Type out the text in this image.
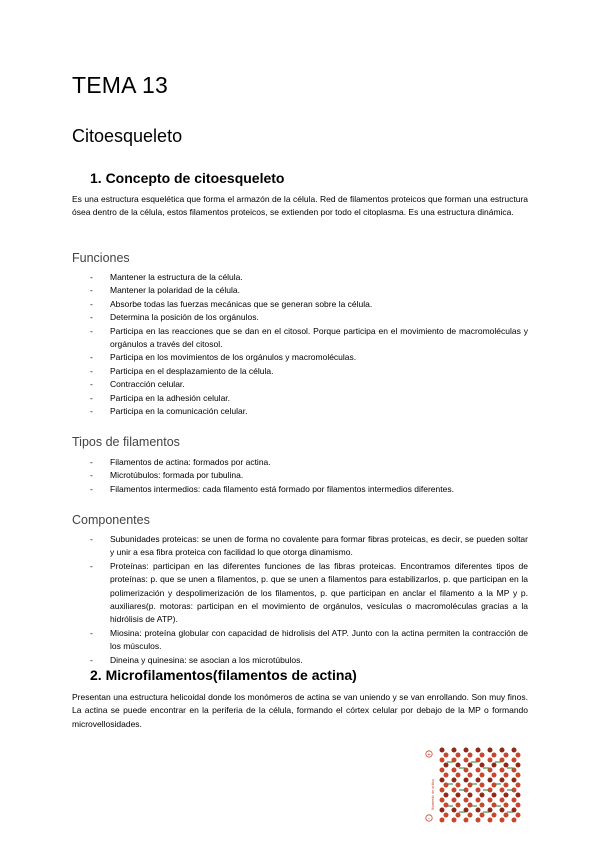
TEMA 13
Citoesqueleto
1. Concepto de citoesqueleto

Es una estructura esquelética que forma el armazón de la célula. Red de filamentos proteicos que forman una estructura ósea dentro de la célula, estos filamentos proteicos, se extienden por todo el citoplasma. Es una estructura dinámica.

Funciones
- Mantener la estructura de la célula.
- Mantener la polaridad de la célula.
- Absorbe todas las fuerzas mecánicas que se generan sobre la célula.
- Determina la posición de los orgánulos.
- Participa en las reacciones que se dan en el citosol. Porque participa en el movimiento de macromoléculas y orgánulos a través del citosol.
- Participa en los movimientos de los orgánulos y macromoléculas.
- Participa en el desplazamiento de la célula.
- Contracción celular.
- Participa en la adhesión celular.
- Participa en la comunicación celular.
Tipos de filamentos
- Filamentos de actina: formados por actina.
- Microtúbulos: formada por tubulina.
- Filamentos intermedios: cada filamento está formado por filamentos intermedios diferentes.
Componentes
- Subunidades proteicas: se unen de forma no covalente para formar fibras proteicas, es decir, se pueden soltar y unir a esa fibra proteica con facilidad lo que otorga dinamismo.
- Proteínas: participan en las diferentes funciones de las fibras proteicas. Encontramos diferentes tipos de proteínas: p. que se unen a filamentos, p. que se unen a filamentos para estabilizarlos, p. que participan en la polimerización y despolimerización de los filamentos, p. que participan en anclar el filamento a la MP y p. auxiliares(p. motoras: participan en el movimiento de orgánulos, vesículas o macromoléculas gracias a la hidrólisis de ATP).
- Miosina: proteína globular con capacidad de hidrolisis del ATP. Junto con la actina permiten la contracción de los músculos.
- Dineina y quinesina: se asocian a los microtúbulos.
2. Microfilamentos(filamentos de actina)

Presentan una estructura helicoidal donde los monómeros de actina se van uniendo y se van enrollando. Son muy finos. La actina se puede encontrar en la periferia de la célula, formando el córtex celular por debajo de la MP o formando microvellosidades.

+
–
filamento de actina
